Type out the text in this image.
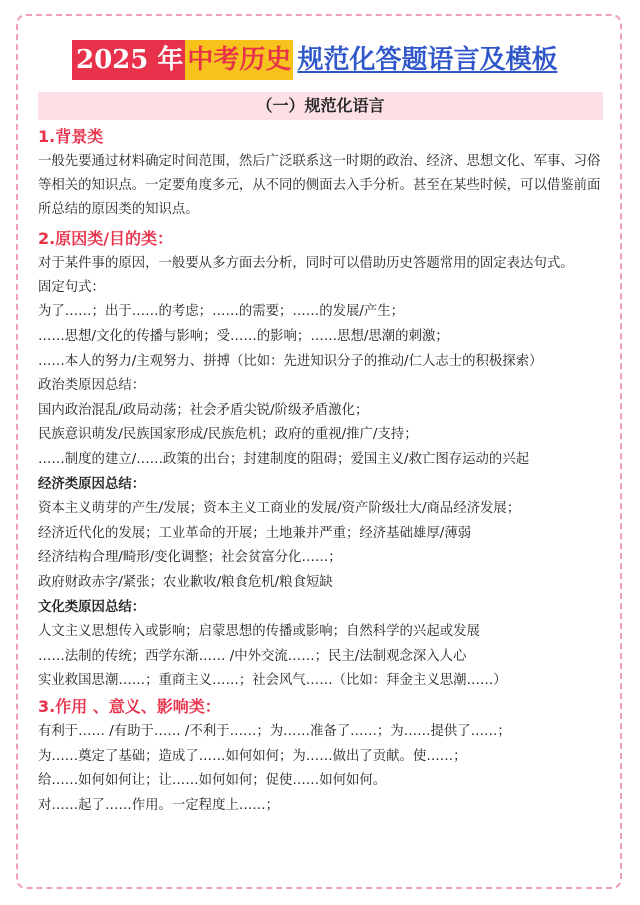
2025 年 中考历史 规范化答题语言及模板
（一）规范化语言
1.背景类
一般先要通过材料确定时间范围，然后广泛联系这一时期的政治、经济、思想文化、军事、习俗等相关的知识点。一定要角度多元，从不同的侧面去入手分析。甚至在某些时候，可以借鉴前面所总结的原因类的知识点。
2.原因类/目的类：
对于某件事的原因，一般要从多方面去分析，同时可以借助历史答题常用的固定表达句式。
固定句式：
为了……；出于……的考虑；……的需要；……的发展/产生；
……思想/文化的传播与影响；受……的影响；……思想/思潮的刺激；
……本人的努力/主观努力、拼搏（比如：先进知识分子的推动/仁人志士的积极探索）
政治类原因总结：
国内政治混乱/政局动荡；社会矛盾尖锐/阶级矛盾激化；
民族意识萌发/民族国家形成/民族危机；政府的重视/推广/支持；
……制度的建立/……政策的出台；封建制度的阻碍；爱国主义/救亡图存运动的兴起
经济类原因总结：
资本主义萌芽的产生/发展；资本主义工商业的发展/资产阶级壮大/商品经济发展；
经济近代化的发展；工业革命的开展；土地兼并严重；经济基础雄厚/薄弱
经济结构合理/畸形/变化调整；社会贫富分化……；
政府财政赤字/紧张；农业歉收/粮食危机/粮食短缺
文化类原因总结：
人文主义思想传入或影响；启蒙思想的传播或影响；自然科学的兴起或发展
……法制的传统；西学东渐…… /中外交流……；民主/法制观念深入人心
实业救国思潮……；重商主义……；社会风气……（比如：拜金主义思潮……）
3.作用 、意义、影响类：
有利于…… /有助于…… /不利于……；为……准备了……；为……提供了……；
为……奠定了基础；造成了……如何如何；为……做出了贡献。使……；
给……如何如何让；让……如何如何；促使……如何如何。
对……起了……作用。一定程度上……；
